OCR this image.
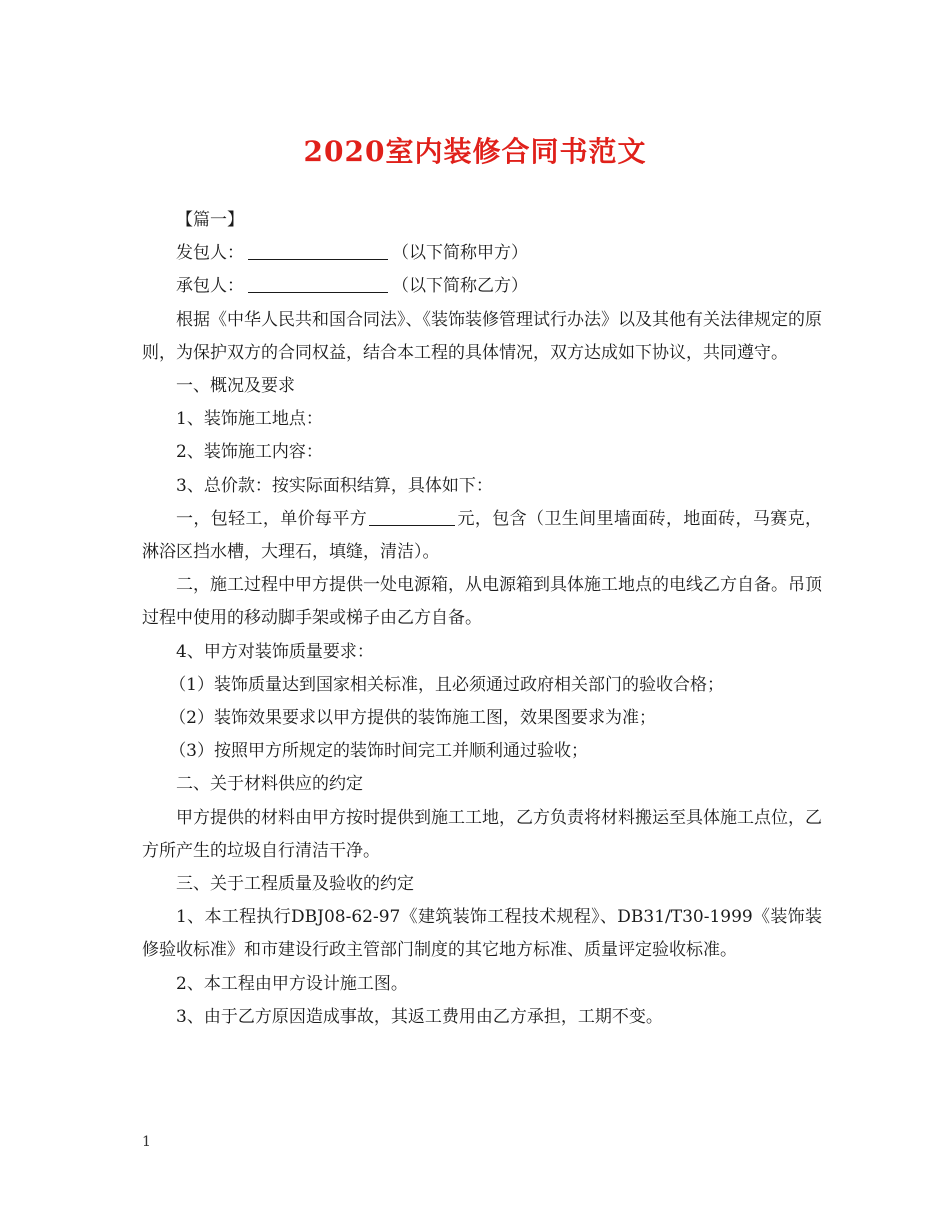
2020室内装修合同书范文

【篇一】

发包人：	（以下简称甲方）

承包人：	（以下简称乙方）

根据《中华人民共和国合同法》、《装饰装修管理试行办法》以及其他有关法律规定的原则，为保护双方的合同权益，结合本工程的具体情况，双方达成如下协议，共同遵守。

一、概况及要求

1、装饰施工地点：

2、装饰施工内容：

3、总价款：按实际面积结算，具体如下：

一，包轻工，单价每平方	元，包含（卫生间里墙面砖，地面砖，马赛克，淋浴区挡水槽，大理石，填缝，清洁）。

二，施工过程中甲方提供一处电源箱，从电源箱到具体施工地点的电线乙方自备。吊顶过程中使用的移动脚手架或梯子由乙方自备。

4、甲方对装饰质量要求：

（1）装饰质量达到国家相关标准，且必须通过政府相关部门的验收合格；

（2）装饰效果要求以甲方提供的装饰施工图，效果图要求为准；

（3）按照甲方所规定的装饰时间完工并顺利通过验收；

二、关于材料供应的约定

甲方提供的材料由甲方按时提供到施工工地，乙方负责将材料搬运至具体施工点位，乙方所产生的垃圾自行清洁干净。

三、关于工程质量及验收的约定

1、本工程执行DBJ08-62-97《建筑装饰工程技术规程》、DB31/T30-1999《装饰装修验收标准》和市建设行政主管部门制度的其它地方标准、质量评定验收标准。

2、本工程由甲方设计施工图。

3、由于乙方原因造成事故，其返工费用由乙方承担，工期不变。

1
